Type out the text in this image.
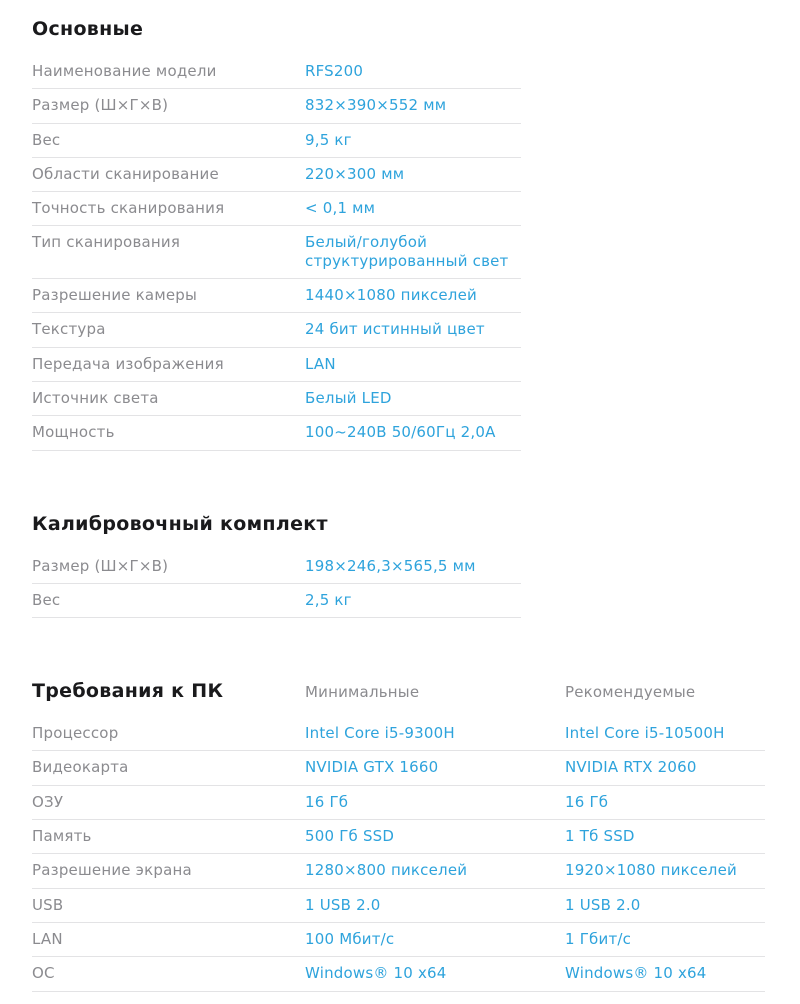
Основные
Наименование модели	RFS200
Размер (Ш×Г×В)	832×390×552 мм
Вес	9,5 кг
Области сканирование	220×300 мм
Точность сканирования	< 0,1 мм
Тип сканирования	Белый/голубой структурированный свет
Разрешение камеры	1440×1080 пикселей
Текстура	24 бит истинный цвет
Передача изображения	LAN
Источник света	Белый LED
Мощность	100~240В 50/60Гц 2,0А
Калибровочный комплект
Размер (Ш×Г×В)	198×246,3×565,5 мм
Вес	2,5 кг
Требования к ПК	Минимальные	Рекомендуемые
Процессор	Intel Core i5-9300H	Intel Core i5-10500H
Видеокарта	NVIDIA GTX 1660	NVIDIA RTX 2060
ОЗУ	16 Гб	16 Гб
Память	500 Гб SSD	1 Тб SSD
Разрешение экрана	1280×800 пикселей	1920×1080 пикселей
USB	1 USB 2.0	1 USB 2.0
LAN	100 Мбит/с	1 Гбит/с
ОС	Windows® 10 x64	Windows® 10 x64
